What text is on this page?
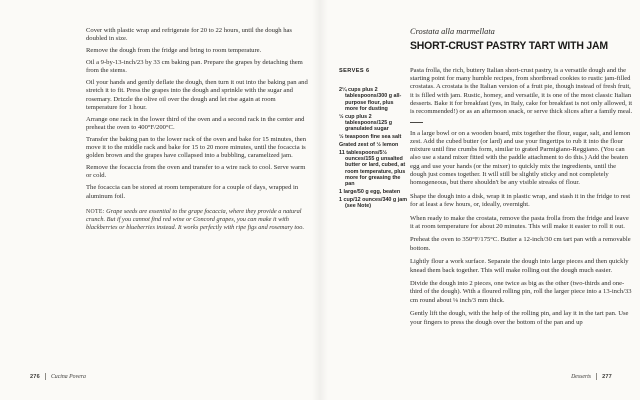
Cover with plastic wrap and refrigerate for 20 to 22 hours, until the dough has doubled in size.

Remove the dough from the fridge and bring to room temperature.

Oil a 9-by-13-inch/23 by 33 cm baking pan. Prepare the grapes by detaching them from the stems.

Oil your hands and gently deflate the dough, then turn it out into the baking pan and stretch it to fit. Press the grapes into the dough and sprinkle with the sugar and rosemary. Drizzle the olive oil over the dough and let rise again at room temperature for 1 hour.

Arrange one rack in the lower third of the oven and a second rack in the center and preheat the oven to 400°F/200°C.

Transfer the baking pan to the lower rack of the oven and bake for 15 minutes, then move it to the middle rack and bake for 15 to 20 more minutes, until the focaccia is golden brown and the grapes have collapsed into a bubbling, caramelized jam.

Remove the focaccia from the oven and transfer to a wire rack to cool. Serve warm or cold.

The focaccia can be stored at room temperature for a couple of days, wrapped in aluminum foil.

NOTE: Grape seeds are essential to the grape focaccia, where they provide a natural crunch. But if you cannot find red wine or Concord grapes, you can make it with blackberries or blueberries instead. It works perfectly with ripe figs and rosemary too.

276 Cucina Povera
SERVES 6
2¼ cups plus 2 tablespoons/300 g all-purpose flour, plus more for dusting
½ cup plus 2 tablespoons/125 g granulated sugar
½ teaspoon fine sea salt
Grated zest of ½ lemon
11 tablespoons/5½ ounces/155 g unsalted butter or lard, cubed, at room temperature, plus more for greasing the pan
1 large/50 g egg, beaten
1 cup/12 ounces/340 g jam (see Note)
Crostata alla marmellata
SHORT-CRUST PASTRY TART WITH JAM

Pasta frolla, the rich, buttery Italian short-crust pastry, is a versatile dough and the starting point for many humble recipes, from shortbread cookies to rustic jam-filled crostatas. A crostata is the Italian version of a fruit pie, though instead of fresh fruit, it is filled with jam. Rustic, homey, and versatile, it is one of the most classic Italian desserts. Bake it for breakfast (yes, in Italy, cake for breakfast is not only allowed, it is recommended!) or as an afternoon snack, or serve thick slices after a family meal.

In a large bowl or on a wooden board, mix together the flour, sugar, salt, and lemon zest. Add the cubed butter (or lard) and use your fingertips to rub it into the flour mixture until fine crumbs form, similar to grated Parmigiano-Reggiano. (You can also use a stand mixer fitted with the paddle attachment to do this.) Add the beaten egg and use your hands (or the mixer) to quickly mix the ingredients, until the dough just comes together. It will still be slightly sticky and not completely homogeneous, but there shouldn't be any visible streaks of flour.

Shape the dough into a disk, wrap it in plastic wrap, and stash it in the fridge to rest for at least a few hours, or, ideally, overnight.

When ready to make the crostata, remove the pasta frolla from the fridge and leave it at room temperature for about 20 minutes. This will make it easier to roll it out.

Preheat the oven to 350°F/175°C. Butter a 12-inch/30 cm tart pan with a removable bottom.

Lightly flour a work surface. Separate the dough into large pieces and then quickly knead them back together. This will make rolling out the dough much easier.

Divide the dough into 2 pieces, one twice as big as the other (two-thirds and one-third of the dough). With a floured rolling pin, roll the larger piece into a 13-inch/33 cm round about ⅛ inch/3 mm thick.

Gently lift the dough, with the help of the rolling pin, and lay it in the tart pan. Use your fingers to press the dough over the bottom of the pan and up

Desserts 277
